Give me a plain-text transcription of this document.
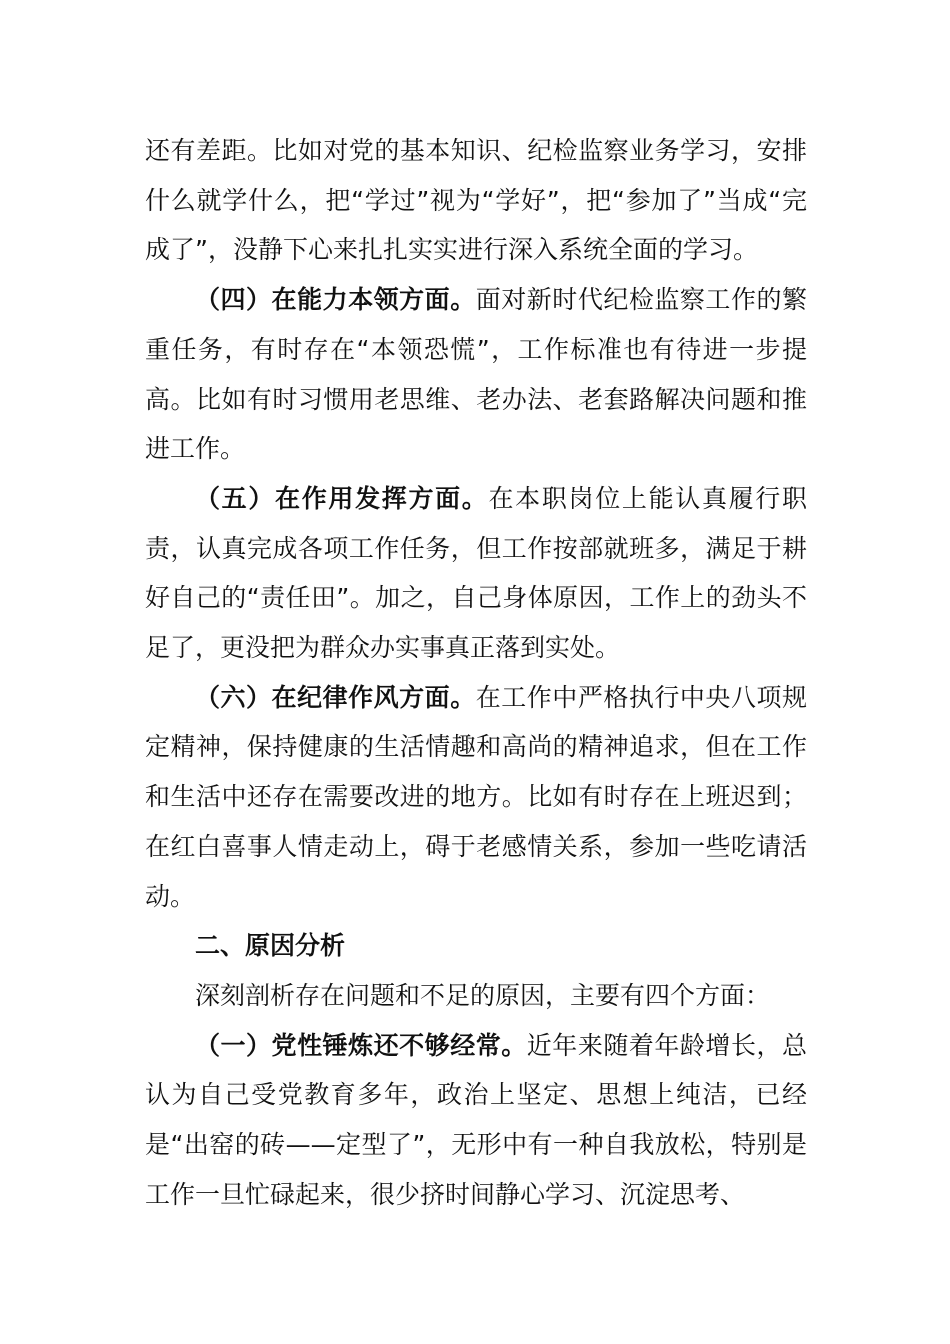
还有差距。比如对党的基本知识、纪检监察业务学习，安排什么就学什么，把“学过”视为“学好”，把“参加了”当成“完成了”，没静下心来扎扎实实进行深入系统全面的学习。

（四）在能力本领方面。面对新时代纪检监察工作的繁重任务，有时存在“本领恐慌”，工作标准也有待进一步提高。比如有时习惯用老思维、老办法、老套路解决问题和推进工作。

（五）在作用发挥方面。在本职岗位上能认真履行职责，认真完成各项工作任务，但工作按部就班多，满足于耕好自己的“责任田”。加之，自己身体原因，工作上的劲头不足了，更没把为群众办实事真正落到实处。

（六）在纪律作风方面。在工作中严格执行中央八项规定精神，保持健康的生活情趣和高尚的精神追求，但在工作和生活中还存在需要改进的地方。比如有时存在上班迟到；在红白喜事人情走动上，碍于老感情关系，参加一些吃请活动。

二、原因分析

深刻剖析存在问题和不足的原因，主要有四个方面：

（一）党性锤炼还不够经常。近年来随着年龄增长，总认为自己受党教育多年，政治上坚定、思想上纯洁，已经是“出窑的砖——定型了”，无形中有一种自我放松，特别是工作一旦忙碌起来，很少挤时间静心学习、沉淀思考、
